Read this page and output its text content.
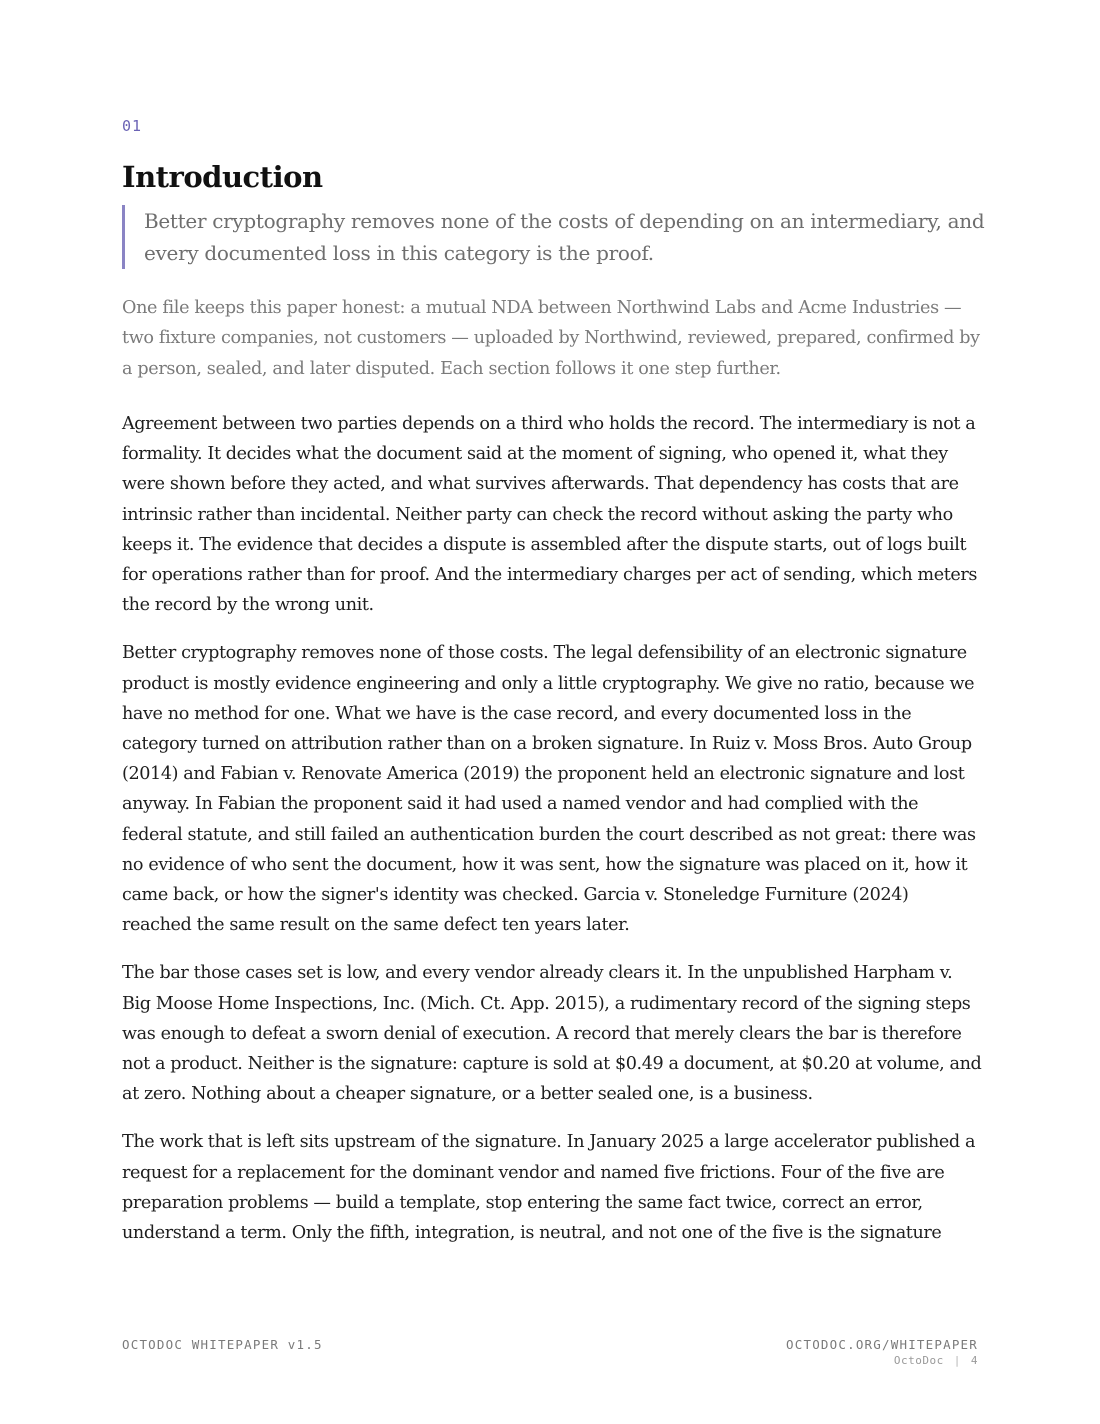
01
Introduction
Better cryptography removes none of the costs of depending on an intermediary, and every documented loss in this category is the proof.

One file keeps this paper honest: a mutual NDA between Northwind Labs and Acme Industries — two fixture companies, not customers — uploaded by Northwind, reviewed, prepared, confirmed by a person, sealed, and later disputed. Each section follows it one step further.

Agreement between two parties depends on a third who holds the record. The intermediary is not a formality. It decides what the document said at the moment of signing, who opened it, what they were shown before they acted, and what survives afterwards. That dependency has costs that are intrinsic rather than incidental. Neither party can check the record without asking the party who keeps it. The evidence that decides a dispute is assembled after the dispute starts, out of logs built for operations rather than for proof. And the intermediary charges per act of sending, which meters the record by the wrong unit.

Better cryptography removes none of those costs. The legal defensibility of an electronic signature product is mostly evidence engineering and only a little cryptography. We give no ratio, because we have no method for one. What we have is the case record, and every documented loss in the category turned on attribution rather than on a broken signature. In Ruiz v. Moss Bros. Auto Group (2014) and Fabian v. Renovate America (2019) the proponent held an electronic signature and lost anyway. In Fabian the proponent said it had used a named vendor and had complied with the federal statute, and still failed an authentication burden the court described as not great: there was no evidence of who sent the document, how it was sent, how the signature was placed on it, how it came back, or how the signer's identity was checked. Garcia v. Stoneledge Furniture (2024) reached the same result on the same defect ten years later.

The bar those cases set is low, and every vendor already clears it. In the unpublished Harpham v. Big Moose Home Inspections, Inc. (Mich. Ct. App. 2015), a rudimentary record of the signing steps was enough to defeat a sworn denial of execution. A record that merely clears the bar is therefore not a product. Neither is the signature: capture is sold at $0.49 a document, at $0.20 at volume, and at zero. Nothing about a cheaper signature, or a better sealed one, is a business.

The work that is left sits upstream of the signature. In January 2025 a large accelerator published a request for a replacement for the dominant vendor and named five frictions. Four of the five are preparation problems — build a template, stop entering the same fact twice, correct an error, understand a term. Only the fifth, integration, is neutral, and not one of the five is the signature

OCTODOC WHITEPAPER v1.5	OCTODOC.ORG/WHITEPAPER
OctoDoc | 4
